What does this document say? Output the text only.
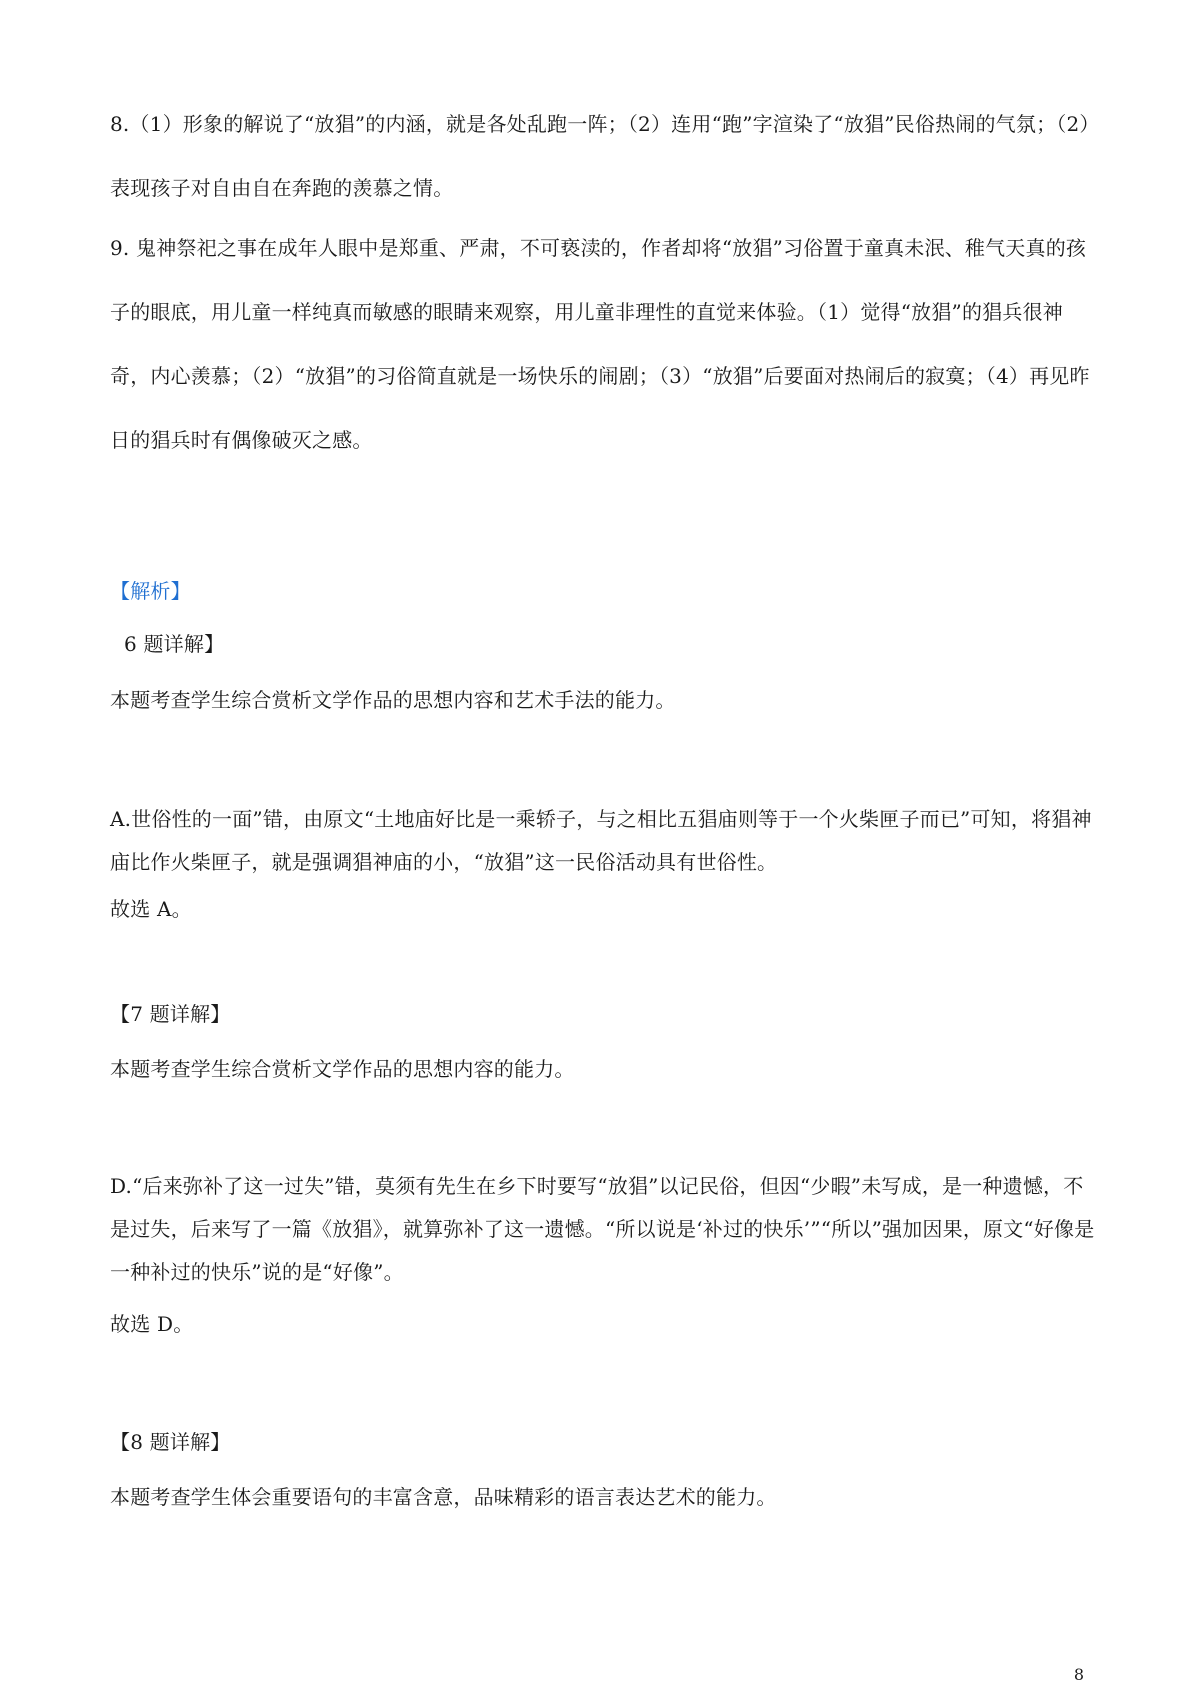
8.（1）形象的解说了“放猖”的内涵，就是各处乱跑一阵；（2）连用“跑”字渲染了“放猖”民俗热闹的气氛；（2）表现孩子对自由自在奔跑的羡慕之情。

9. 鬼神祭祀之事在成年人眼中是郑重、严肃，不可亵渎的，作者却将“放猖”习俗置于童真未泯、稚气天真的孩子的眼底，用儿童一样纯真而敏感的眼睛来观察，用儿童非理性的直觉来体验。（1）觉得“放猖”的猖兵很神奇，内心羡慕；（2）“放猖”的习俗简直就是一场快乐的闹剧；（3）“放猖”后要面对热闹后的寂寞；（4）再见昨日的猖兵时有偶像破灭之感。

【解析】
6 题详解】
本题考查学生综合赏析文学作品的思想内容和艺术手法的能力。

A.世俗性的一面”错，由原文“土地庙好比是一乘轿子，与之相比五猖庙则等于一个火柴匣子而已”可知，将猖神庙比作火柴匣子，就是强调猖神庙的小，“放猖”这一民俗活动具有世俗性。

故选 A。
【7 题详解】
本题考查学生综合赏析文学作品的思想内容的能力。

D.“后来弥补了这一过失”错，莫须有先生在乡下时要写“放猖”以记民俗，但因“少暇”未写成，是一种遗憾，不是过失，后来写了一篇《放猖》，就算弥补了这一遗憾。“所以说是‘补过的快乐’”“所以”强加因果，原文“好像是一种补过的快乐”说的是“好像”。

故选 D。
【8 题详解】
本题考查学生体会重要语句的丰富含意，品味精彩的语言表达艺术的能力。
8
